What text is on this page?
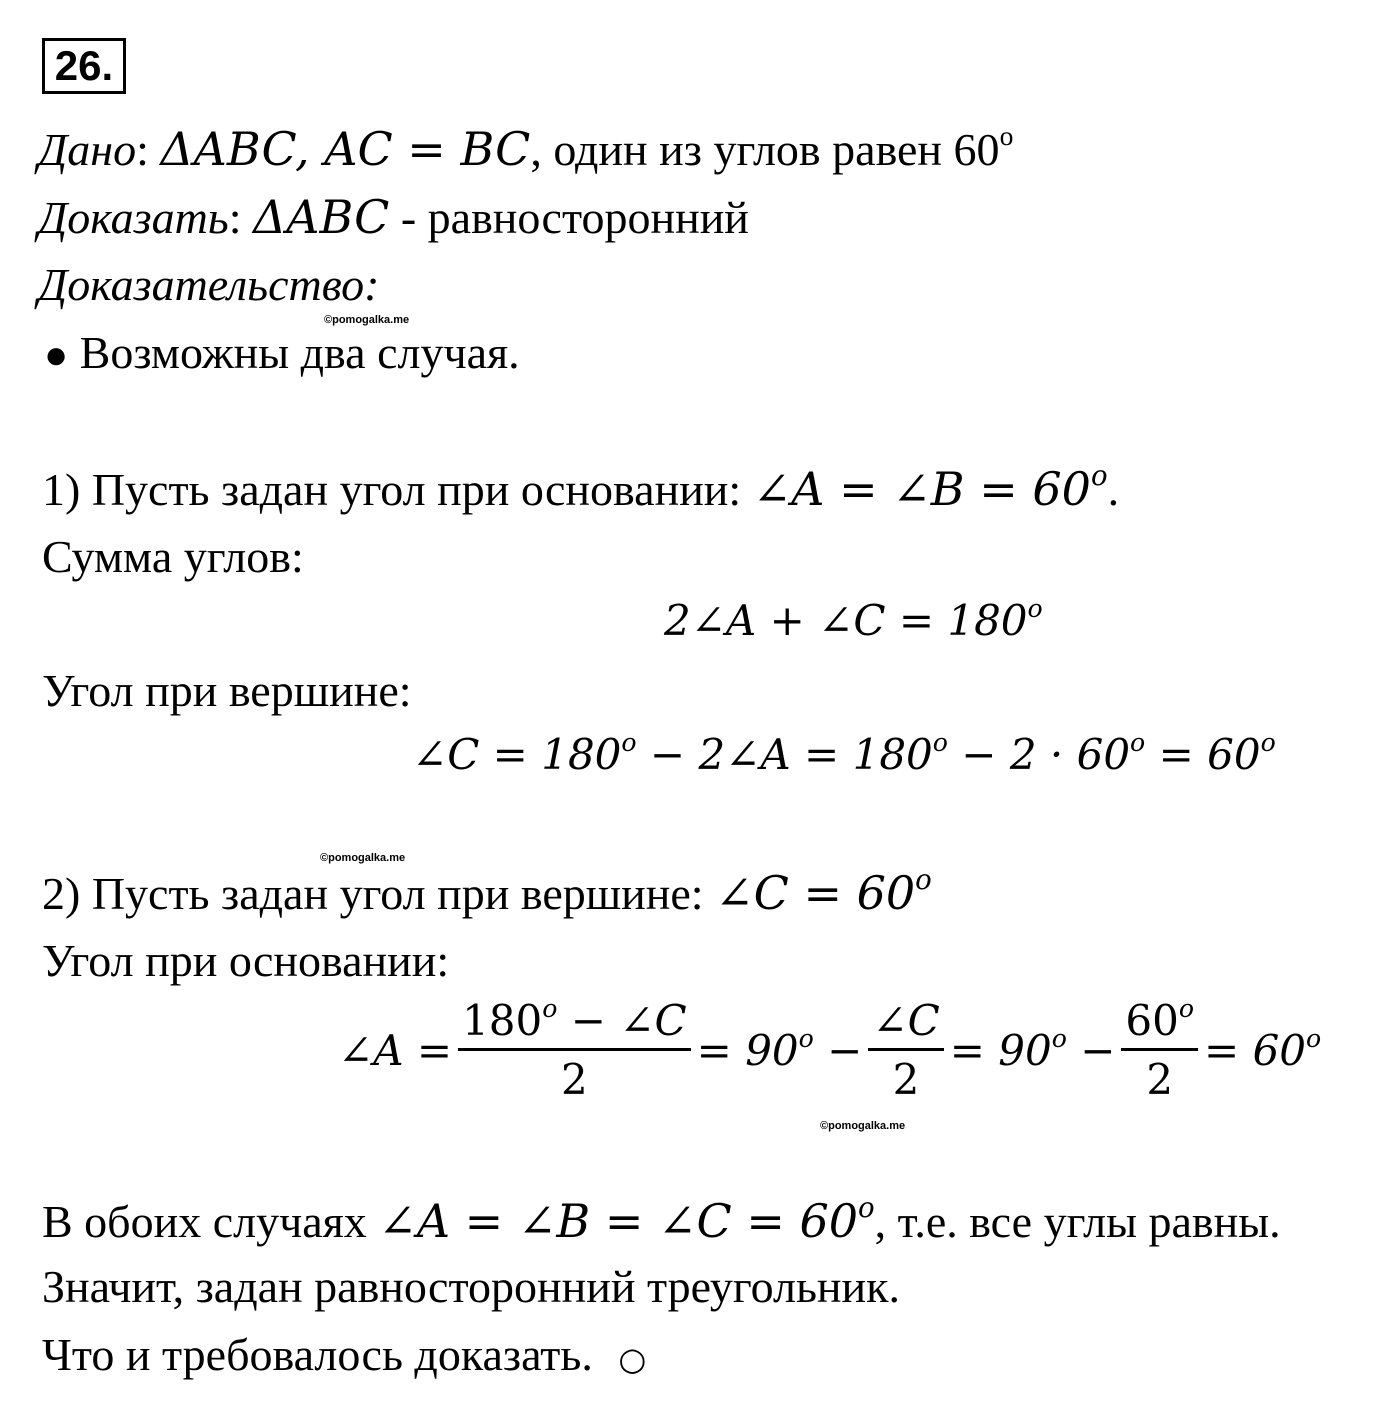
26.
Дано: ΔABC, AC = BC, один из углов равен 60$^o$
Доказать: ΔABC - равносторонний
Доказательство:
©pomogalka.me
● Возможны два случая.
1) Пусть задан угол при основании: ∠A = ∠B = $60^o$.
Сумма углов:
2∠A + ∠C = $180^o$
Угол при вершине:
∠C = $180^o$ − 2∠A = $180^o - 2 \cdot 60^o = 60^o$
©pomogalka.me
2) Пусть задан угол при вершине: ∠C = $60^o$
Угол при основании:
∠A = $\frac{180^o - \angle C}{2} = 90^o - \frac{\angle C}{2} = 90^o - \frac{60^o}{2} = 60^o$
©pomogalka.me
В обоих случаях ∠A = ∠B = ∠C = $60^o$, т.е. все углы равны.
Значит, задан равносторонний треугольник.
Что и требовалось доказать. ○
